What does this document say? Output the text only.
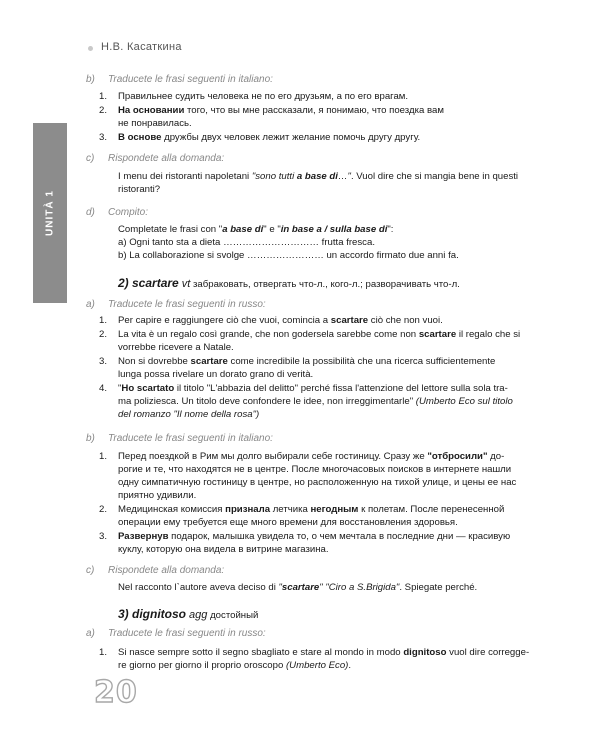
Н.В. Касаткина
UNITÀ 1
b) Traducete le frasi seguenti in italiano:
1. Правильнее судить человека не по его друзьям, а по его врагам.
2. На основании того, что вы мне рассказали, я понимаю, что поездка вам
не понравилась.
3. В основе дружбы двух человек лежит желание помочь другу другу.
c) Rispondete alla domanda:
I menu dei ristoranti napoletani "sono tutti a base di…". Vuol dire che si mangia bene in questi
ristoranti?
d) Compito:
Completate le frasi con "a base di" e "in base a / sulla base di":
a) Ogni tanto sta a dieta ………………………… frutta fresca.
b) La collaborazione si svolge …………………… un accordo firmato due anni fa.
2) scartare vt забраковать, отвергать что-л., кого-л.; разворачивать что-л.
a) Traducete le frasi seguenti in russo:
1. Per capire e raggiungere ciò che vuoi, comincia a scartare ciò che non vuoi.
2. La vita è un regalo così grande, che non godersela sarebbe come non scartare il regalo che si
vorrebbe ricevere a Natale.
3. Non si dovrebbe scartare come incredibile la possibilità che una ricerca sufficientemente
lunga possa rivelare un dorato grano di verità.
4. "Ho scartato il titolo "L'abbazia del delitto" perché fissa l'attenzione del lettore sulla sola tra-
ma poliziesca. Un titolo deve confondere le idee, non irreggimentarle" (Umberto Eco sul titolo
del romanzo "Il nome della rosa")
b) Traducete le frasi seguenti in italiano:
1. Перед поездкой в Рим мы долго выбирали себе гостиницу. Сразу же "отбросили" до-
рогие и те, что находятся не в центре. После многочасовых поисков в интернете нашли
одну симпатичную гостиницу в центре, но расположенную на тихой улице, и цены ее нас
приятно удивили.
2. Медицинская комиссия признала летчика негодным к полетам. После перенесенной
операции ему требуется еще много времени для восстановления здоровья.
3. Развернув подарок, малышка увидела то, о чем мечтала в последние дни — красивую
куклу, которую она видела в витрине магазина.
c) Rispondete alla domanda:
Nel racconto l`autore aveva deciso di "scartare" "Ciro a S.Brigida". Spiegate perché.
3) dignitoso agg достойный
a) Traducete le frasi seguenti in russo:
1. Si nasce sempre sotto il segno sbagliato e stare al mondo in modo dignitoso vuol dire corregge-
re giorno per giorno il proprio oroscopo (Umberto Eco).
20
